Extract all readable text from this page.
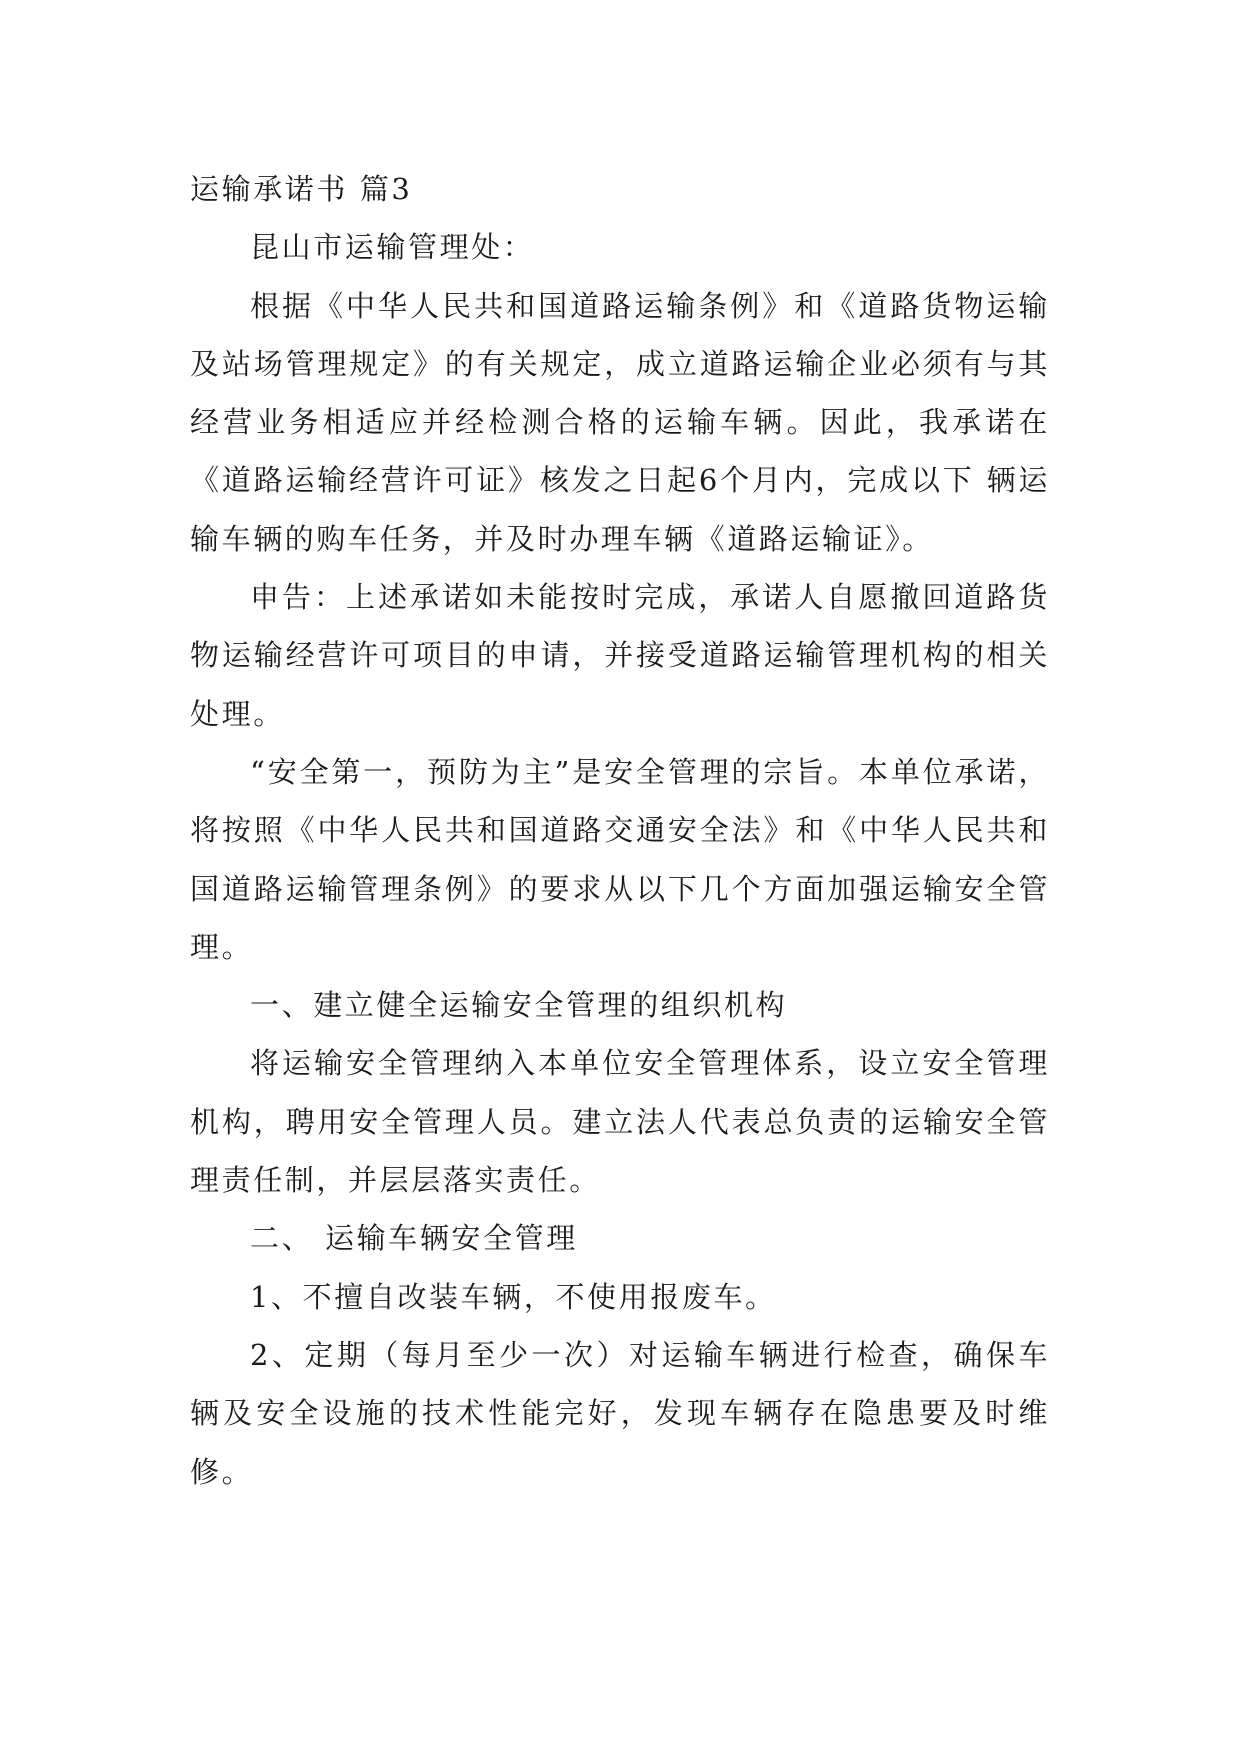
运输承诺书 篇3

昆山市运输管理处：

根据《中华人民共和国道路运输条例》和《道路货物运输及站场管理规定》的有关规定，成立道路运输企业必须有与其经营业务相适应并经检测合格的运输车辆。因此，我承诺在《道路运输经营许可证》核发之日起6个月内，完成以下 辆运输车辆的购车任务，并及时办理车辆《道路运输证》。

申告：上述承诺如未能按时完成，承诺人自愿撤回道路货物运输经营许可项目的申请，并接受道路运输管理机构的相关处理。

“安全第一，预防为主”是安全管理的宗旨。本单位承诺，将按照《中华人民共和国道路交通安全法》和《中华人民共和国道路运输管理条例》的要求从以下几个方面加强运输安全管理。

一、建立健全运输安全管理的组织机构

将运输安全管理纳入本单位安全管理体系，设立安全管理机构，聘用安全管理人员。建立法人代表总负责的运输安全管理责任制，并层层落实责任。

二、 运输车辆安全管理

1、不擅自改装车辆，不使用报废车。

2、定期（每月至少一次）对运输车辆进行检查，确保车辆及安全设施的技术性能完好，发现车辆存在隐患要及时维修。
